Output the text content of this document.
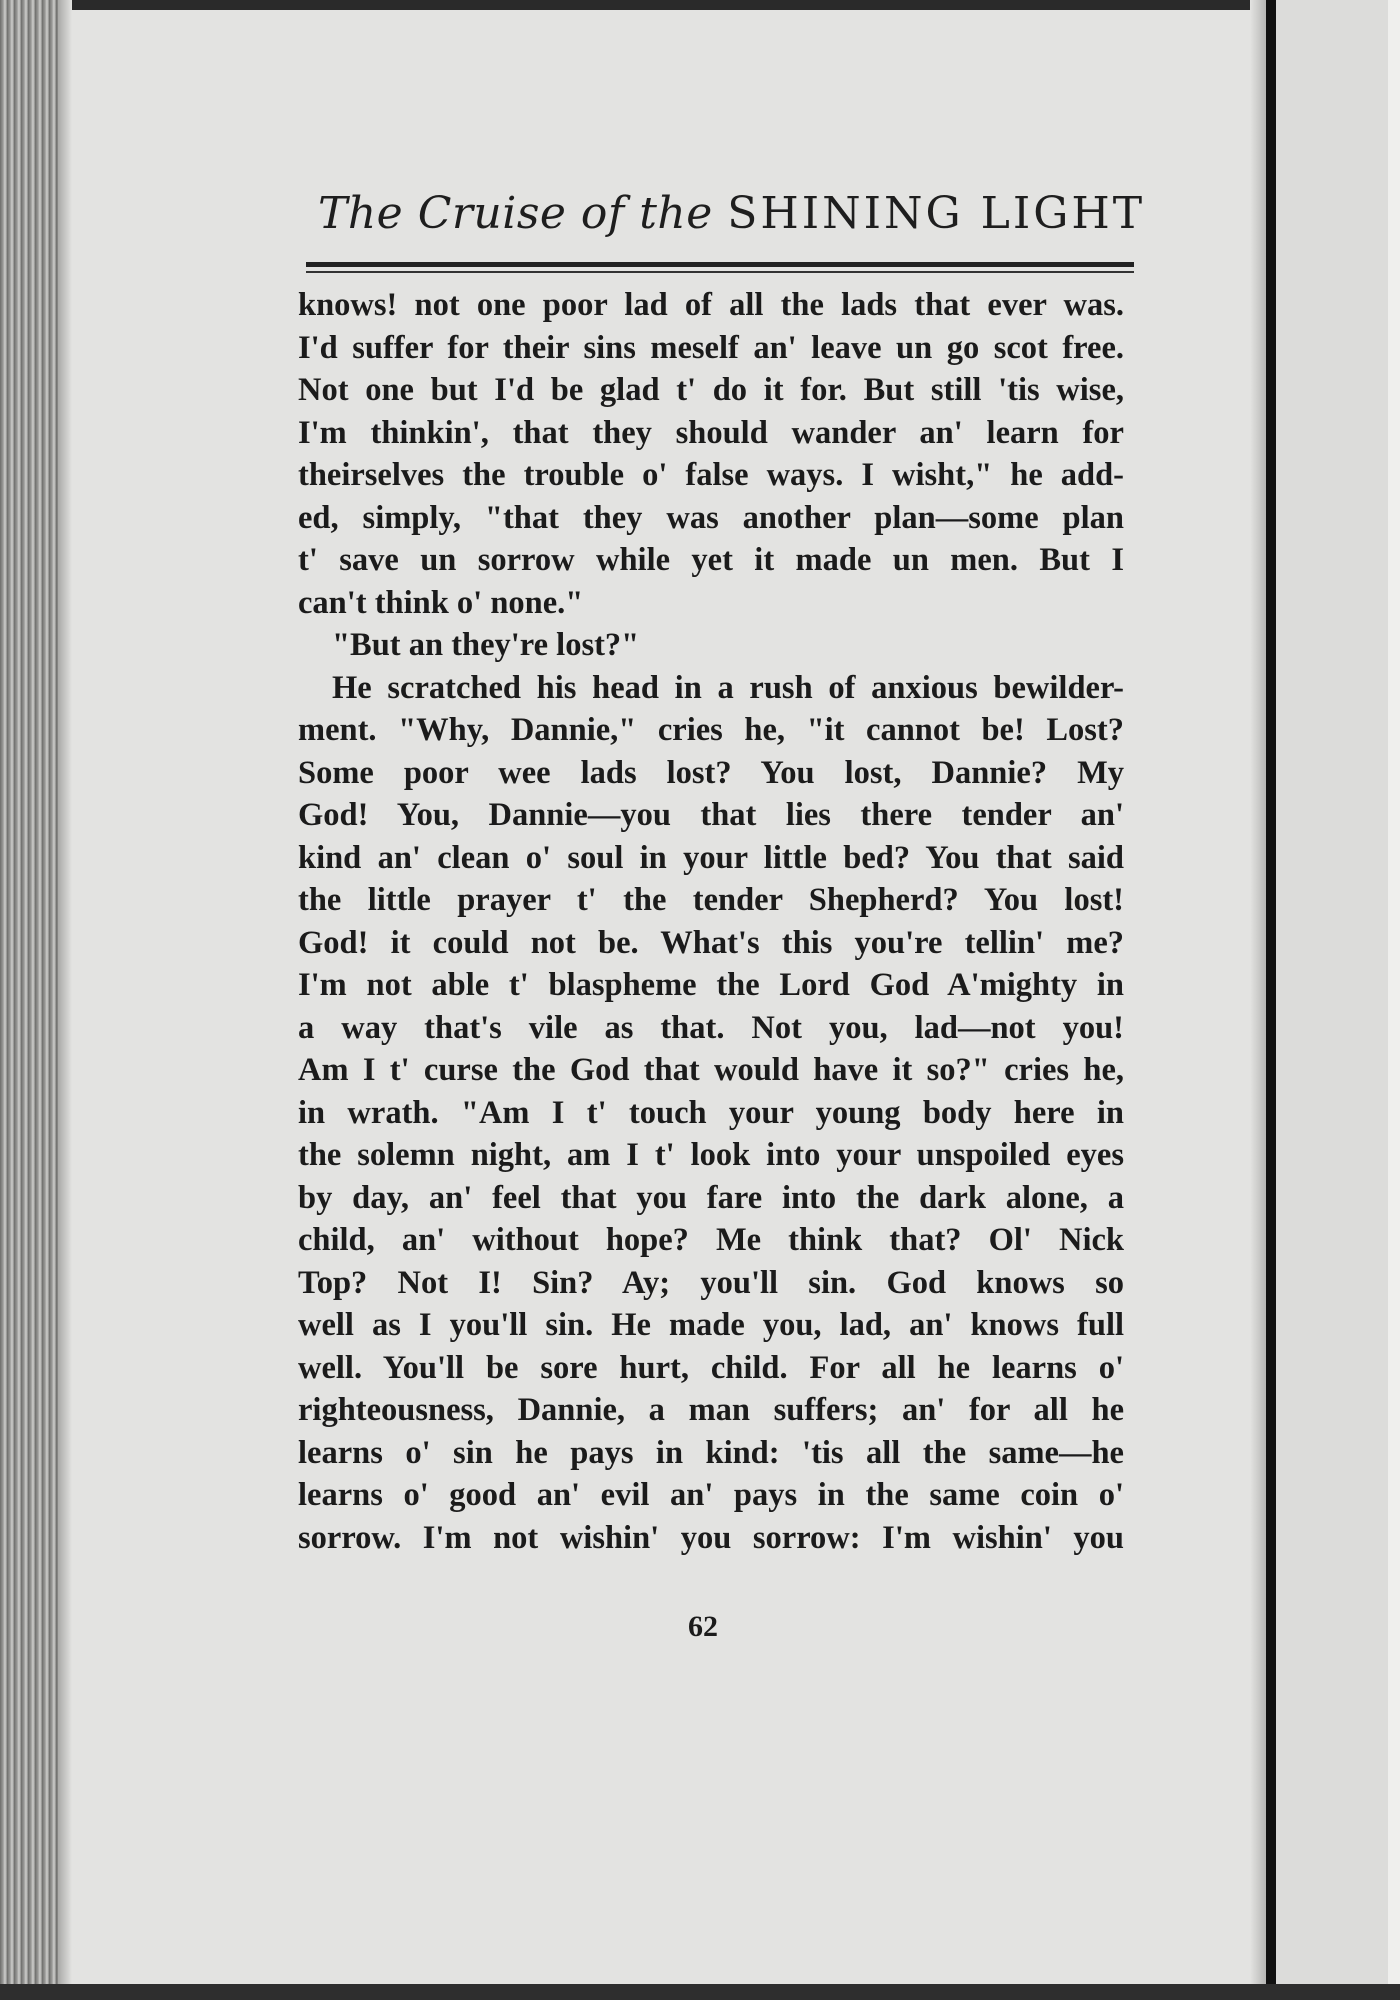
The Cruise of the SHINING LIGHT
knows! not one poor lad of all the lads that ever was.
I'd suffer for their sins meself an' leave un go scot free.
Not one but I'd be glad t' do it for. But still 'tis wise,
I'm thinkin', that they should wander an' learn for
theirselves the trouble o' false ways. I wisht," he add-
ed, simply, "that they was another plan—some plan
t' save un sorrow while yet it made un men. But I
can't think o' none."
"But an they're lost?"
He scratched his head in a rush of anxious bewilder-
ment. "Why, Dannie," cries he, "it cannot be! Lost?
Some poor wee lads lost? You lost, Dannie? My
God! You, Dannie—you that lies there tender an'
kind an' clean o' soul in your little bed? You that said
the little prayer t' the tender Shepherd? You lost!
God! it could not be. What's this you're tellin' me?
I'm not able t' blaspheme the Lord God A'mighty in
a way that's vile as that. Not you, lad—not you!
Am I t' curse the God that would have it so?" cries he,
in wrath. "Am I t' touch your young body here in
the solemn night, am I t' look into your unspoiled eyes
by day, an' feel that you fare into the dark alone, a
child, an' without hope? Me think that? Ol' Nick
Top? Not I! Sin? Ay; you'll sin. God knows so
well as I you'll sin. He made you, lad, an' knows full
well. You'll be sore hurt, child. For all he learns o'
righteousness, Dannie, a man suffers; an' for all he
learns o' sin he pays in kind: 'tis all the same—he
learns o' good an' evil an' pays in the same coin o'
sorrow. I'm not wishin' you sorrow: I'm wishin' you
62
